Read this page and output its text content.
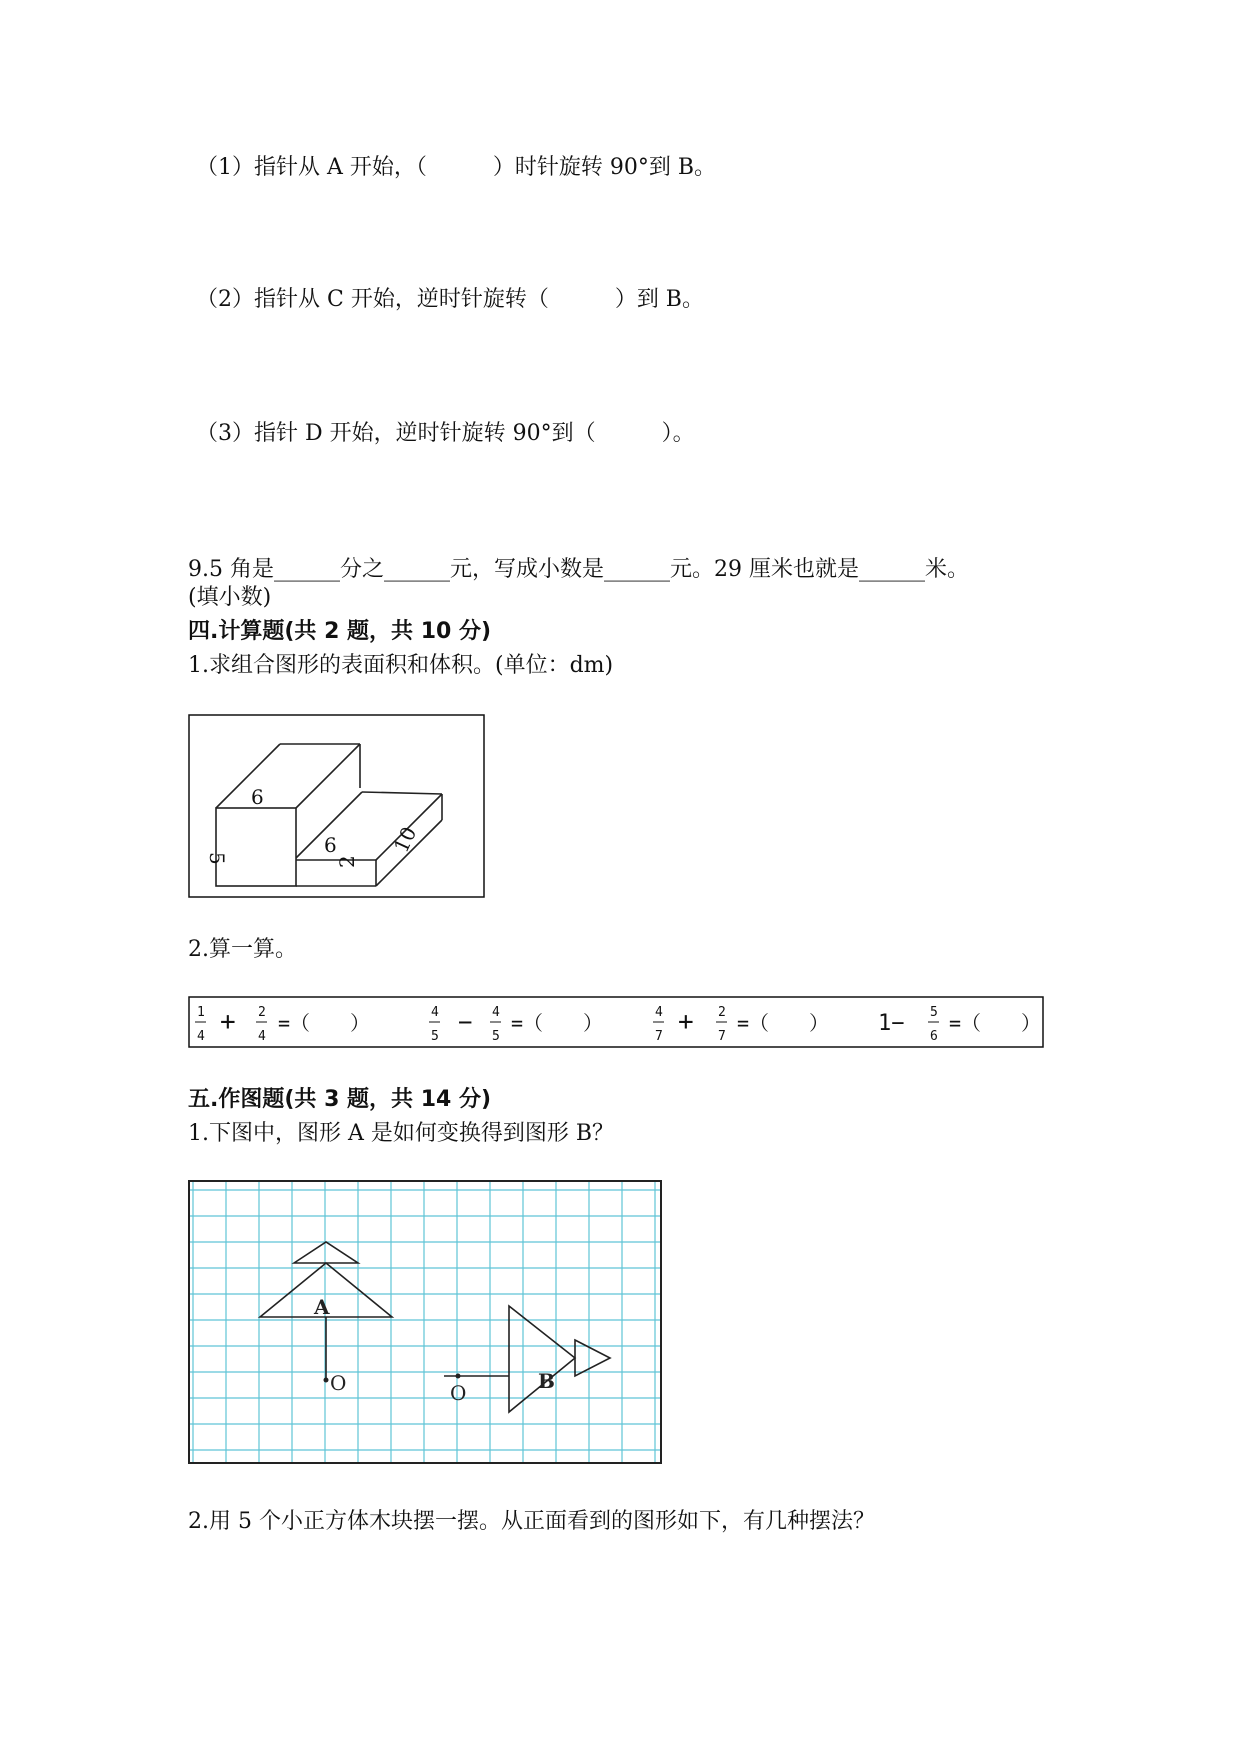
（1）指针从 A 开始，（　　　）时针旋转 90°到 B。
（2）指针从 C 开始，逆时针旋转（　　　）到 B。
（3）指针 D 开始，逆时针旋转 90°到（　　　）。
9.5 角是______分之______元，写成小数是______元。29 厘米也就是______米。
(填小数)
四.计算题(共 2 题，共 10 分)
1.求组合图形的表面积和体积。(单位：dm)
6
5
6
2
10
2.算一算。
1
4 + 2
4
=（　　）	4
5
− 4
5
=（　　）	4
7 + 2
7
=（　　） 1− 5
6
=（　　）
五.作图题(共 3 题，共 14 分)
1.下图中，图形 A 是如何变换得到图形 B？
A
O	O	B
2.用 5 个小正方体木块摆一摆。从正面看到的图形如下，有几种摆法？
